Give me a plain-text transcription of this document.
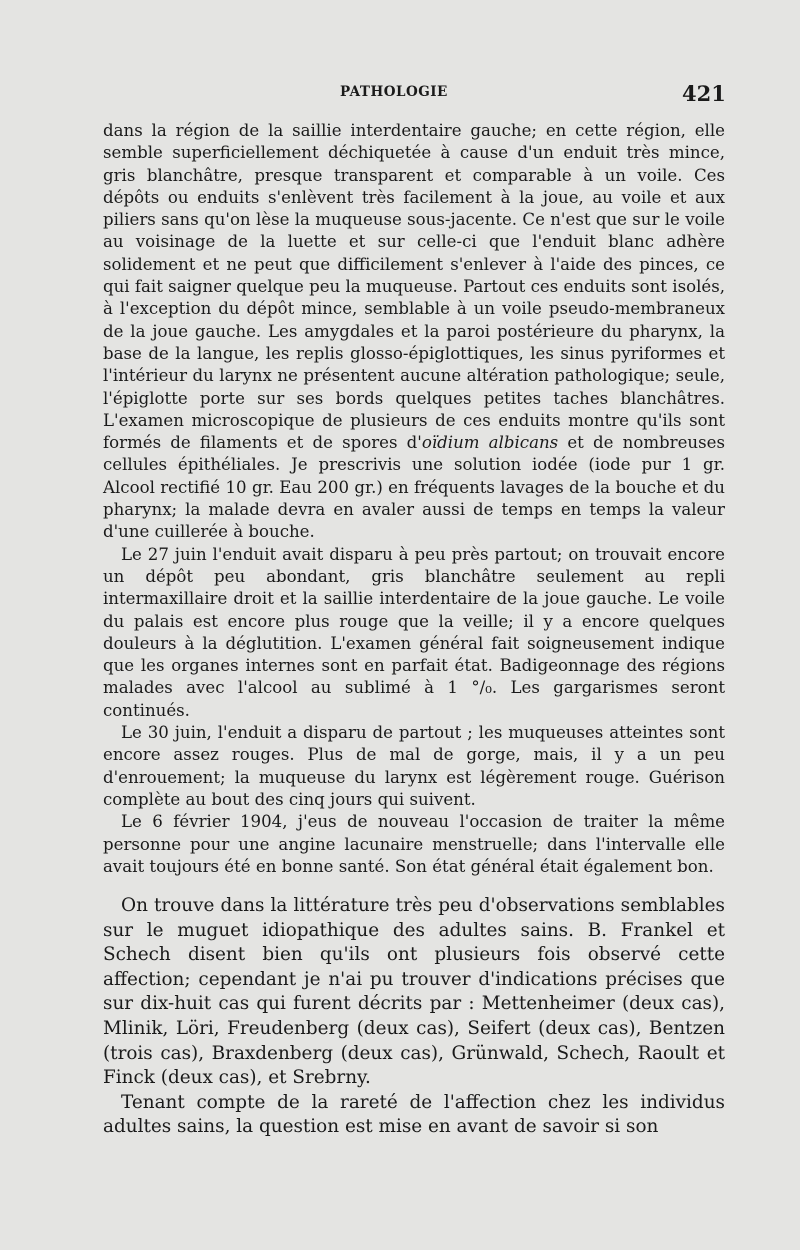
PATHOLOGIE	421

dans la région de la saillie interdentaire gauche; en cette région, elle semble superficiellement déchiquetée à cause d'un enduit très mince, gris blanchâtre, presque transparent et comparable à un voile. Ces dépôts ou enduits s'enlèvent très facilement à la joue, au voile et aux piliers sans qu'on lèse la muqueuse sous-jacente. Ce n'est que sur le voile au voisinage de la luette et sur celle-ci que l'enduit blanc adhère solidement et ne peut que difficilement s'enlever à l'aide des pinces, ce qui fait saigner quelque peu la muqueuse. Partout ces enduits sont isolés, à l'exception du dépôt mince, semblable à un voile pseudo-membraneux de la joue gauche. Les amygdales et la paroi postérieure du pharynx, la base de la langue, les replis glosso-épiglottiques, les sinus pyriformes et l'intérieur du larynx ne présentent aucune altération pathologique; seule, l'épiglotte porte sur ses bords quelques petites taches blanchâtres. L'examen microscopique de plusieurs de ces enduits montre qu'ils sont formés de filaments et de spores d'oïdium albicans et de nombreuses cellules épithéliales. Je prescrivis une solution iodée (iode pur 1 gr. Alcool rectifié 10 gr. Eau 200 gr.) en fréquents lavages de la bouche et du pharynx; la malade devra en avaler aussi de temps en temps la valeur d'une cuillerée à bouche.

Le 27 juin l'enduit avait disparu à peu près partout; on trouvait encore un dépôt peu abondant, gris blanchâtre seulement au repli intermaxillaire droit et la saillie interdentaire de la joue gauche. Le voile du palais est encore plus rouge que la veille; il y a encore quelques douleurs à la déglutition. L'examen général fait soigneusement indique que les organes internes sont en parfait état. Badigeonnage des régions malades avec l'alcool au sublimé à 1 °/₀. Les gargarismes seront continués.

Le 30 juin, l'enduit a disparu de partout ; les muqueuses atteintes sont encore assez rouges. Plus de mal de gorge, mais, il y a un peu d'enrouement; la muqueuse du larynx est légèrement rouge. Guérison complète au bout des cinq jours qui suivent.

Le 6 février 1904, j'eus de nouveau l'occasion de traiter la même personne pour une angine lacunaire menstruelle; dans l'intervalle elle avait toujours été en bonne santé. Son état général était également bon.

On trouve dans la littérature très peu d'observations semblables sur le muguet idiopathique des adultes sains. B. Frankel et Schech disent bien qu'ils ont plusieurs fois observé cette affection; cependant je n'ai pu trouver d'indications précises que sur dix-huit cas qui furent décrits par : Mettenheimer (deux cas), Mlinik, Löri, Freudenberg (deux cas), Seifert (deux cas), Bentzen (trois cas), Braxdenberg (deux cas), Grünwald, Schech, Raoult et Finck (deux cas), et Srebrny.

Tenant compte de la rareté de l'affection chez les individus adultes sains, la question est mise en avant de savoir si son
